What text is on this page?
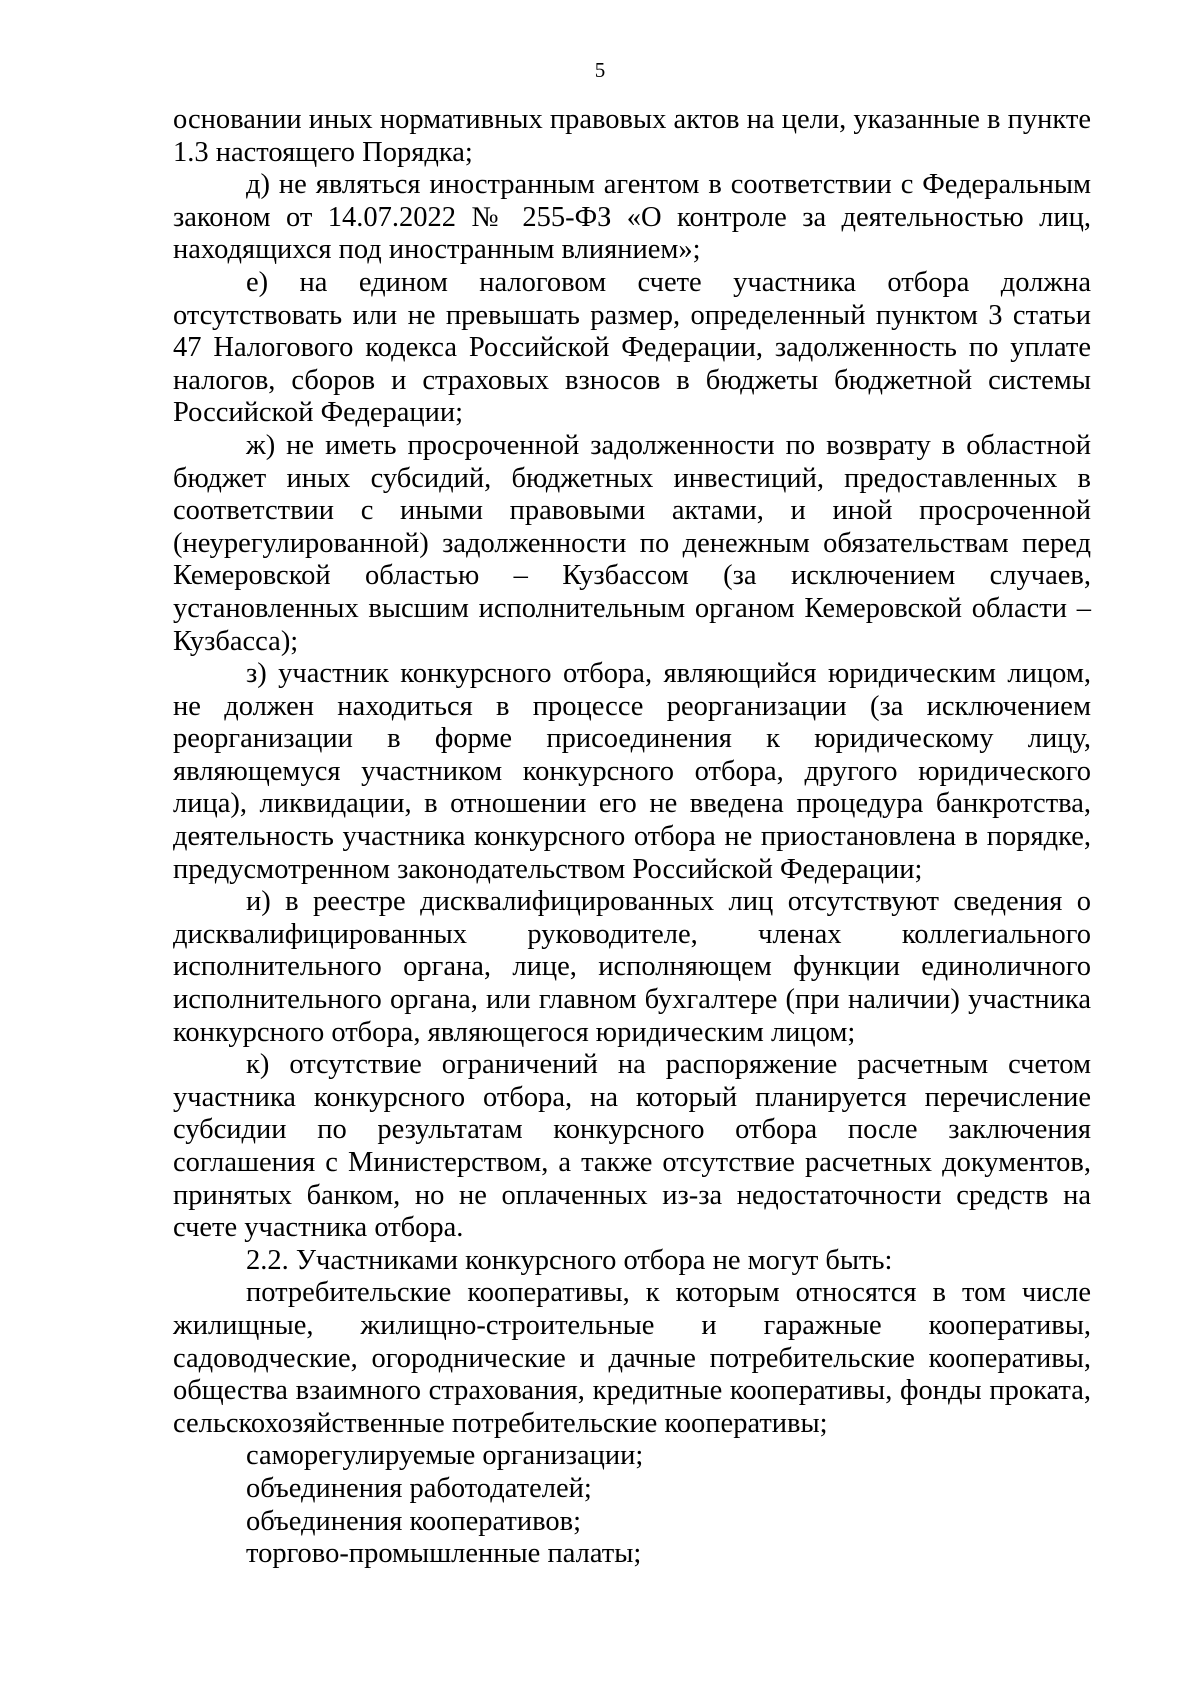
5

основании иных нормативных правовых актов на цели, указанные в пункте 1.3 настоящего Порядка;

д) не являться иностранным агентом в соответствии с Федеральным законом от 14.07.2022 № 255-ФЗ «О контроле за деятельностью лиц, находящихся под иностранным влиянием»;

е) на едином налоговом счете участника отбора должна отсутствовать или не превышать размер, определенный пунктом 3 статьи 47 Налогового кодекса Российской Федерации, задолженность по уплате налогов, сборов и страховых взносов в бюджеты бюджетной системы Российской Федерации;

ж) не иметь просроченной задолженности по возврату в областной бюджет иных субсидий, бюджетных инвестиций, предоставленных в соответствии с иными правовыми актами, и иной просроченной (неурегулированной) задолженности по денежным обязательствам перед Кемеровской областью – Кузбассом (за исключением случаев, установленных высшим исполнительным органом Кемеровской области – Кузбасса);

з) участник конкурсного отбора, являющийся юридическим лицом, не должен находиться в процессе реорганизации (за исключением реорганизации в форме присоединения к юридическому лицу, являющемуся участником конкурсного отбора, другого юридического лица), ликвидации, в отношении его не введена процедура банкротства, деятельность участника конкурсного отбора не приостановлена в порядке, предусмотренном законодательством Российской Федерации;

и) в реестре дисквалифицированных лиц отсутствуют сведения о дисквалифицированных руководителе, членах коллегиального исполнительного органа, лице, исполняющем функции единоличного исполнительного органа, или главном бухгалтере (при наличии) участника конкурсного отбора, являющегося юридическим лицом;

к) отсутствие ограничений на распоряжение расчетным счетом участника конкурсного отбора, на который планируется перечисление субсидии по результатам конкурсного отбора после заключения соглашения с Министерством, а также отсутствие расчетных документов, принятых банком, но не оплаченных из-за недостаточности средств на счете участника отбора.

2.2. Участниками конкурсного отбора не могут быть:

потребительские кооперативы, к которым относятся в том числе жилищные, жилищно-строительные и гаражные кооперативы, садоводческие, огороднические и дачные потребительские кооперативы, общества взаимного страхования, кредитные кооперативы, фонды проката, сельскохозяйственные потребительские кооперативы;

саморегулируемые организации;

объединения работодателей;

объединения кооперативов;

торгово-промышленные палаты;
